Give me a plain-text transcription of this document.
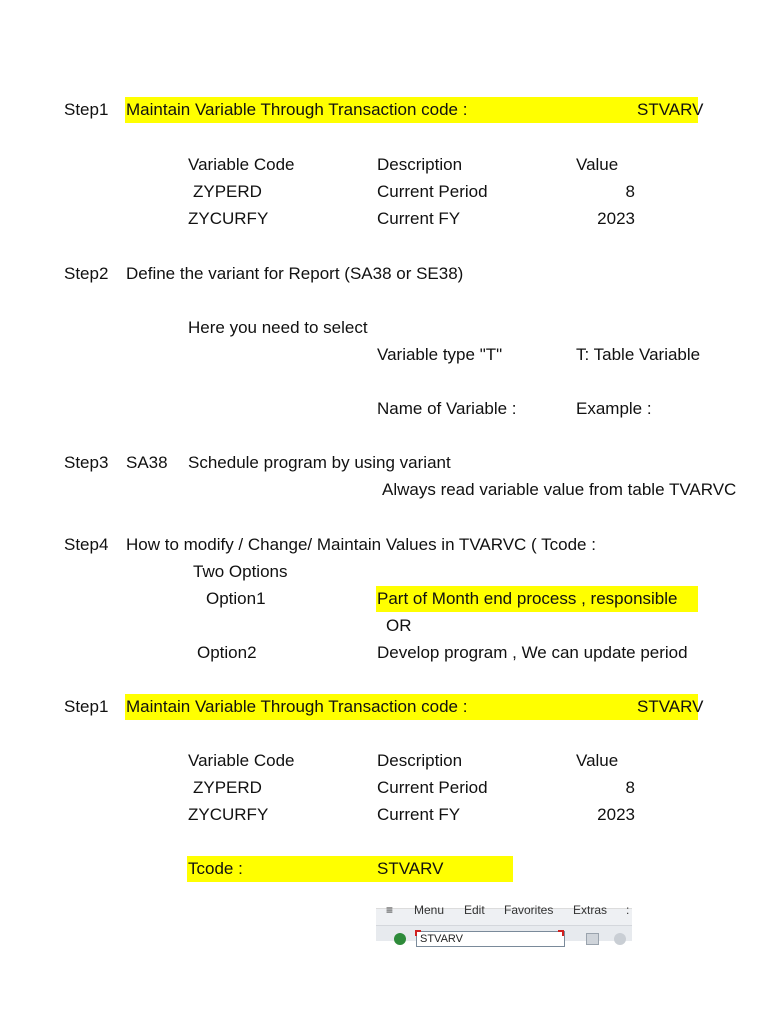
Step1 Maintain Variable Through Transaction code :	STVARV
Variable Code	Description	Value
ZYPERD	Current Period	8
ZYCURFY	Current FY	2023
Step2 Define the variant for Report (SA38 or SE38)
Here you need to select
Variable type "T"	T: Table Variable
Name of Variable :	Example :
Step3 SA38 Schedule program by using variant
Always read variable value from table TVARVC
Step4 How to modify / Change/ Maintain Values in TVARVC ( Tcode :
Two Options
Option1	Part of Month end process , responsible
OR
Option2	Develop program , We can update period
Step1 Maintain Variable Through Transaction code :	STVARV
Variable Code	Description	Value
ZYPERD	Current Period	8
ZYCURFY	Current FY	2023
Tcode :	STVARV
≡ Menu Edit Favorites Extras :
STVARV
